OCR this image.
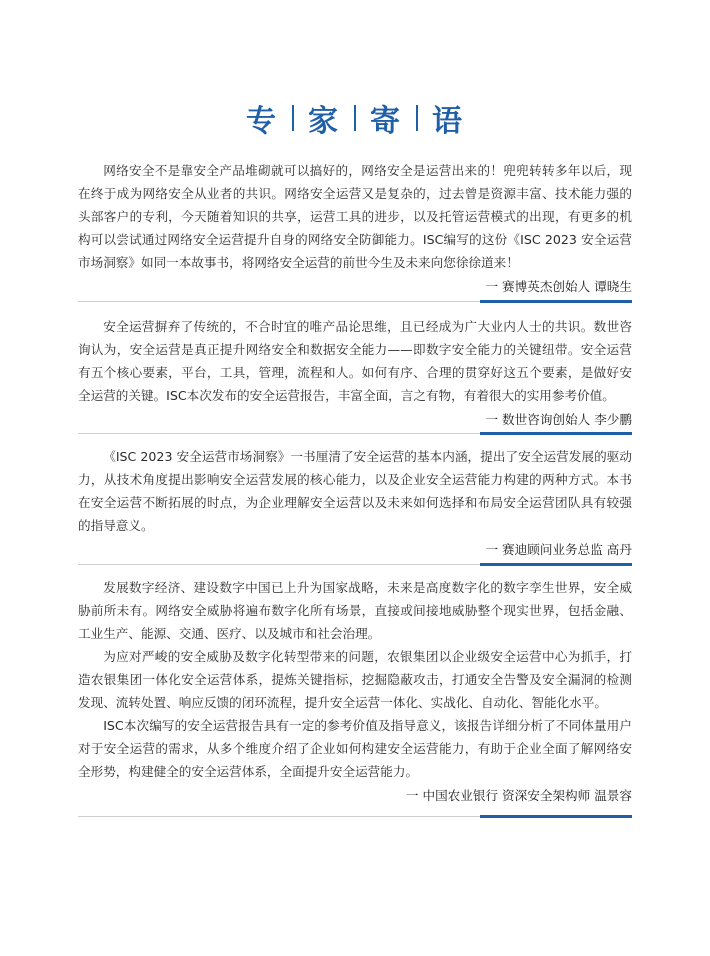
专 家 寄 语

网络安全不是靠安全产品堆砌就可以搞好的，网络安全是运营出来的！兜兜转转多年以后，现在终于成为网络安全从业者的共识。网络安全运营又是复杂的，过去曾是资源丰富、技术能力强的头部客户的专利，今天随着知识的共享，运营工具的进步，以及托管运营模式的出现，有更多的机构可以尝试通过网络安全运营提升自身的网络安全防御能力。ISC编写的这份《ISC 2023 安全运营市场洞察》如同一本故事书，将网络安全运营的前世今生及未来向您徐徐道来！

一 赛博英杰创始人 谭晓生

安全运营摒弃了传统的，不合时宜的唯产品论思维，且已经成为广大业内人士的共识。数世咨询认为，安全运营是真正提升网络安全和数据安全能力——即数字安全能力的关键纽带。安全运营有五个核心要素，平台，工具，管理，流程和人。如何有序、合理的贯穿好这五个要素，是做好安全运营的关键。ISC本次发布的安全运营报告，丰富全面，言之有物，有着很大的实用参考价值。

一 数世咨询创始人 李少鹏

《ISC 2023 安全运营市场洞察》一书厘清了安全运营的基本内涵，提出了安全运营发展的驱动力，从技术角度提出影响安全运营发展的核心能力，以及企业安全运营能力构建的两种方式。本书在安全运营不断拓展的时点，为企业理解安全运营以及未来如何选择和布局安全运营团队具有较强的指导意义。

一 赛迪顾问业务总监 高丹

发展数字经济、建设数字中国已上升为国家战略，未来是高度数字化的数字孪生世界，安全威胁前所未有。网络安全威胁将遍布数字化所有场景，直接或间接地威胁整个现实世界，包括金融、工业生产、能源、交通、医疗、以及城市和社会治理。

为应对严峻的安全威胁及数字化转型带来的问题，农银集团以企业级安全运营中心为抓手，打造农银集团一体化安全运营体系，提炼关键指标，挖掘隐蔽攻击，打通安全告警及安全漏洞的检测发现、流转处置、响应反馈的闭环流程，提升安全运营一体化、实战化、自动化、智能化水平。

ISC本次编写的安全运营报告具有一定的参考价值及指导意义，该报告详细分析了不同体量用户对于安全运营的需求，从多个维度介绍了企业如何构建安全运营能力，有助于企业全面了解网络安全形势，构建健全的安全运营体系，全面提升安全运营能力。

一 中国农业银行 资深安全架构师 温景容
